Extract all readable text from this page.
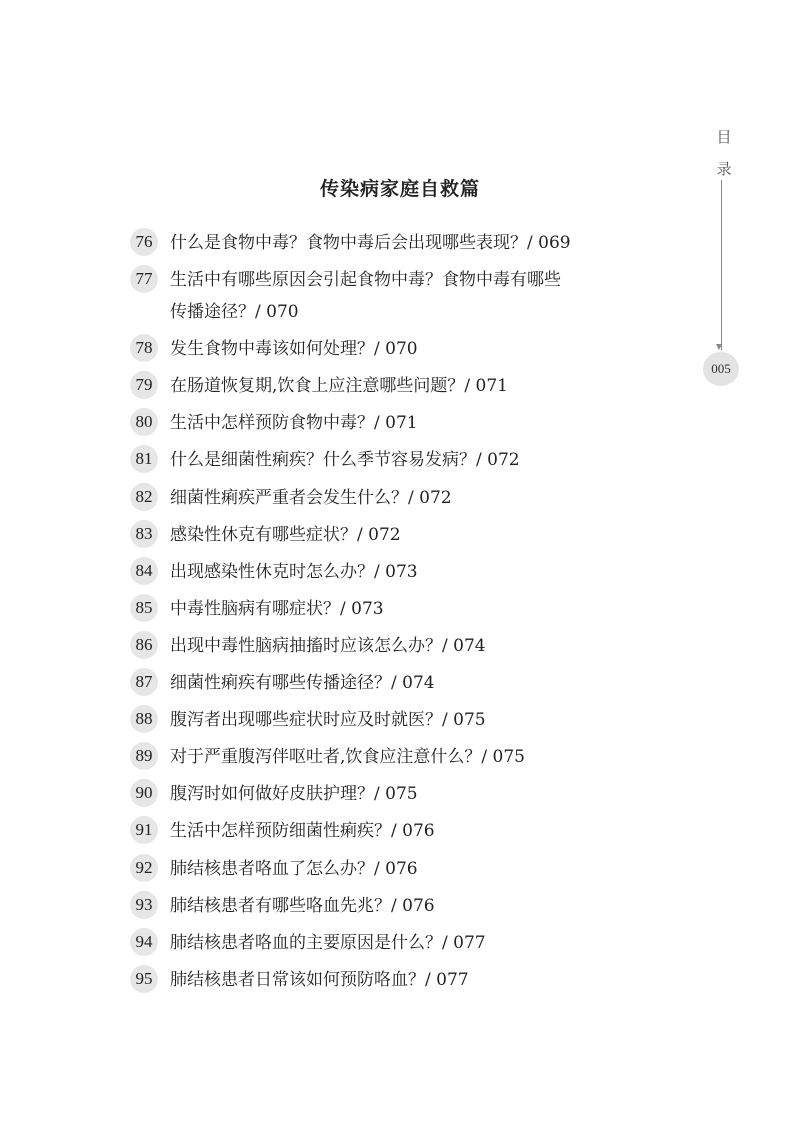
目
录
005
传染病家庭自救篇
76	什么是食物中毒？食物中毒后会出现哪些表现？/ 069
77	生活中有哪些原因会引起食物中毒？食物中毒有哪些
传播途径？/ 070
78	发生食物中毒该如何处理？/ 070
79	在肠道恢复期,饮食上应注意哪些问题？/ 071
80	生活中怎样预防食物中毒？/ 071
81	什么是细菌性痢疾？什么季节容易发病？/ 072
82	细菌性痢疾严重者会发生什么？/ 072
83	感染性休克有哪些症状？/ 072
84	出现感染性休克时怎么办？/ 073
85	中毒性脑病有哪症状？/ 073
86	出现中毒性脑病抽搐时应该怎么办？/ 074
87	细菌性痢疾有哪些传播途径？/ 074
88	腹泻者出现哪些症状时应及时就医？/ 075
89	对于严重腹泻伴呕吐者,饮食应注意什么？/ 075
90	腹泻时如何做好皮肤护理？/ 075
91	生活中怎样预防细菌性痢疾？/ 076
92	肺结核患者咯血了怎么办？/ 076
93	肺结核患者有哪些咯血先兆？/ 076
94	肺结核患者咯血的主要原因是什么？/ 077
95	肺结核患者日常该如何预防咯血？/ 077
